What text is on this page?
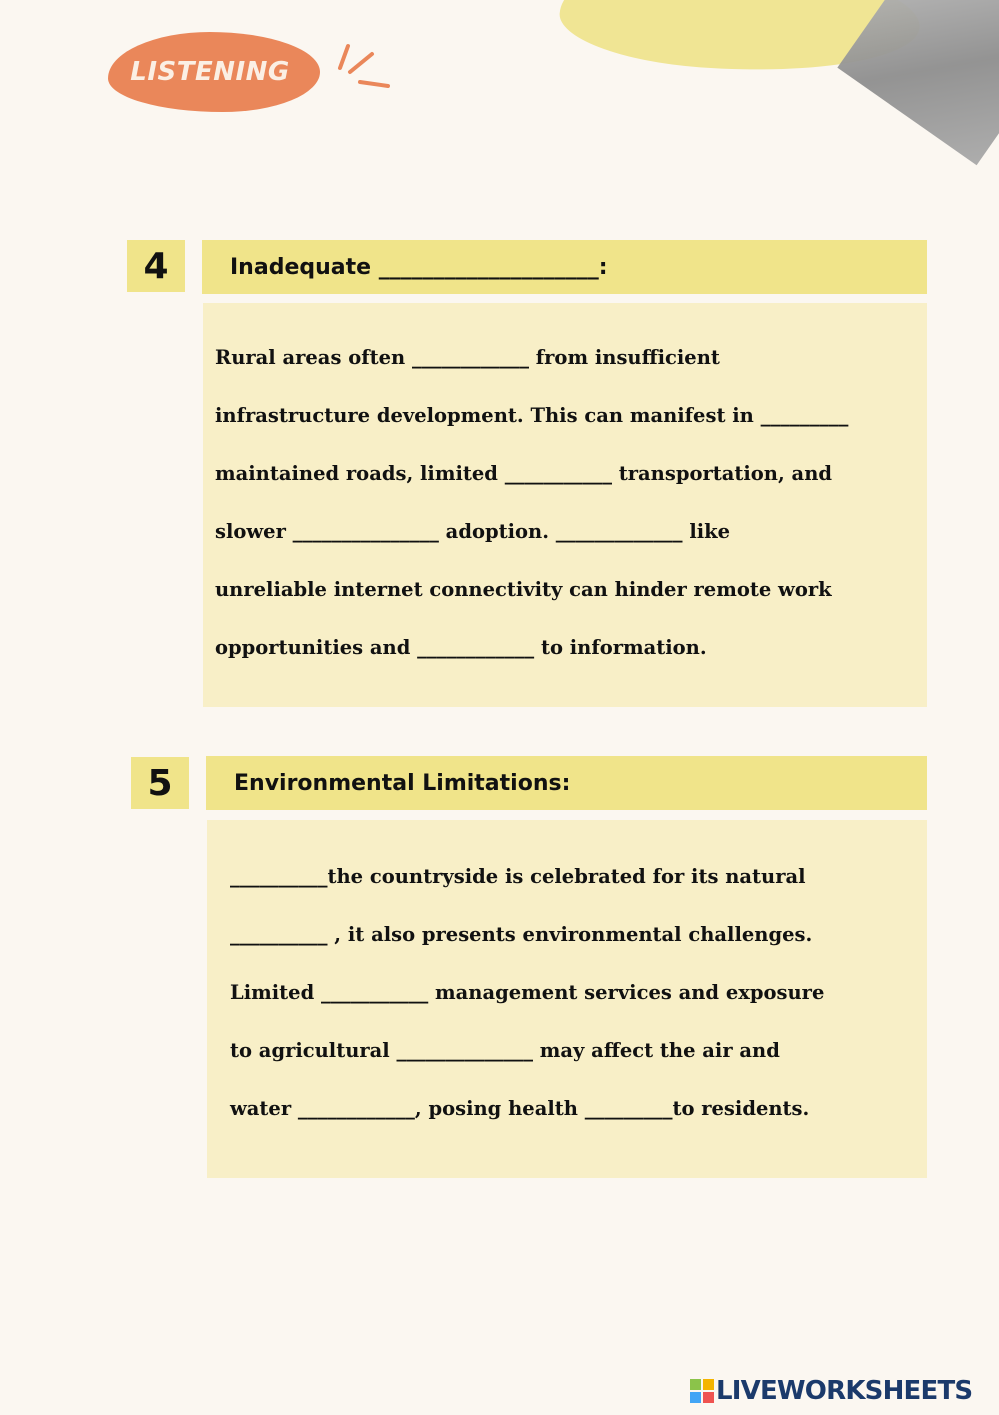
LISTENING
4	Inadequate ____________________:
Rural areas often ____________ from insufficient
infrastructure development. This can manifest in _________
maintained roads, limited ___________ transportation, and
slower _______________ adoption. _____________ like
unreliable internet connectivity can hinder remote work
opportunities and ____________ to information.
5	Environmental Limitations:
__________the countryside is celebrated for its natural
__________ , it also presents environmental challenges.
Limited ___________ management services and exposure
to agricultural ______________ may affect the air and
water ____________, posing health _________to residents.
LIVEWORKSHEETS
